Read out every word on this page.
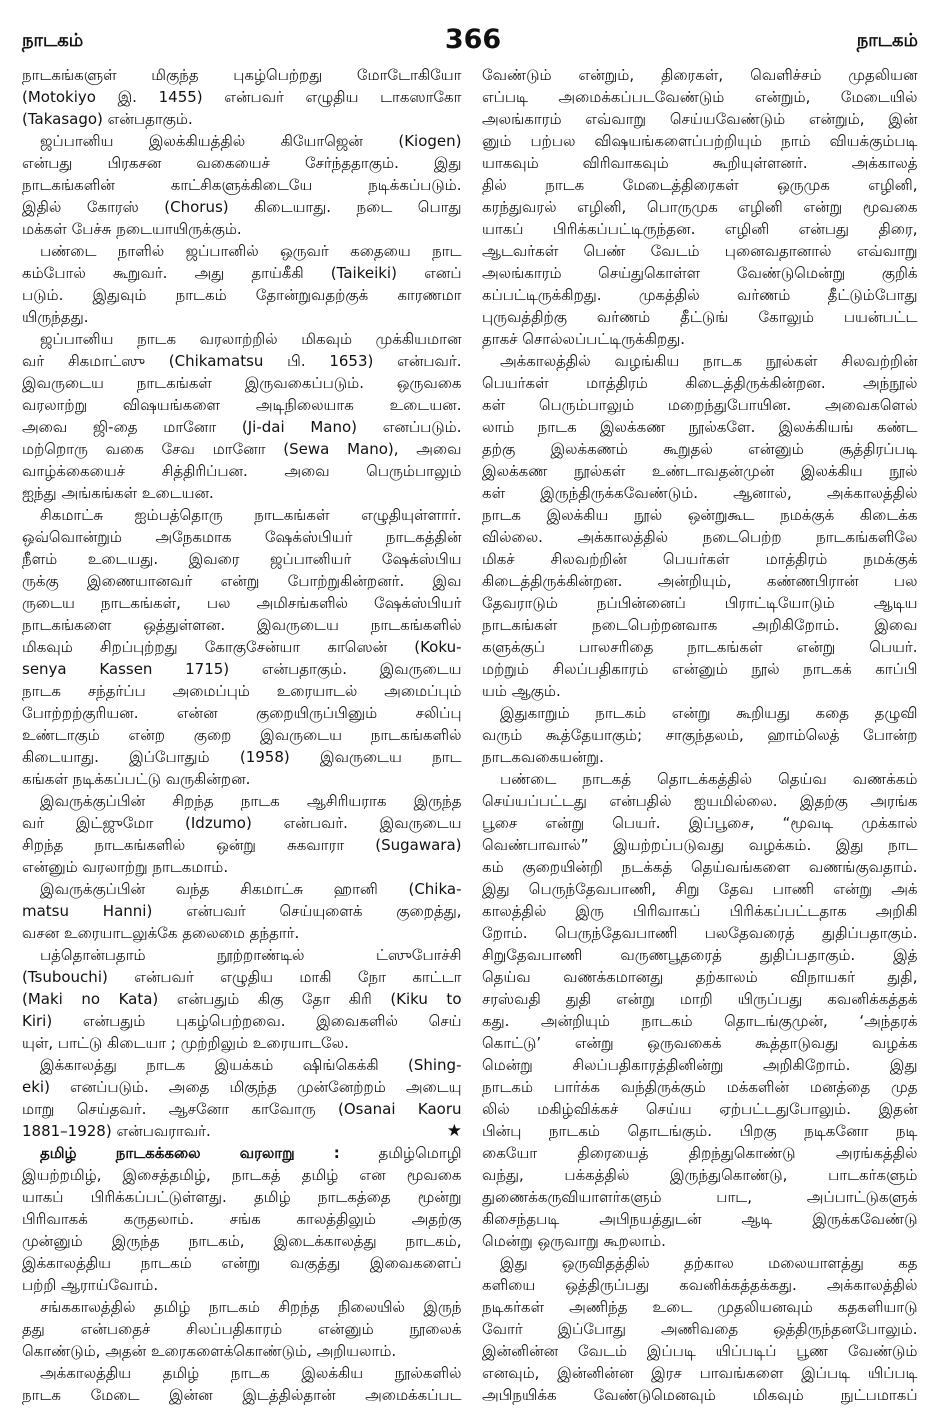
நாடகம்	366	நாடகம்
நாடகங்களுள் மிகுந்த புகழ்பெற்றது மோடோகியோ
(Motokiyo இ. 1455) என்பவர் எழுதிய டாகஸாகோ
(Takasago) என்பதாகும்.
ஜப்பானிய இலக்கியத்தில் கியோஜென் (Kiogen)
என்பது பிரகசன வகையைச் சேர்ந்ததாகும். இது
நாடகங்களின் காட்சிகளுக்கிடையே நடிக்கப்படும்.
இதில் கோரஸ் (Chorus) கிடையாது. நடை பொது
மக்கள் பேச்சு நடையாயிருக்கும்.
பண்டை நாளில் ஜப்பானில் ஒருவர் கதையை நாட
கம்போல் கூறுவர். அது தாய்கீகி (Taikeiki) எனப்
படும். இதுவும் நாடகம் தோன்றுவதற்குக் காரணமா
யிருந்தது.
ஜப்பானிய நாடக வரலாற்றில் மிகவும் முக்கியமான
வர் சிகமாட்ஸு (Chikamatsu பி. 1653) என்பவர்.
இவருடைய நாடகங்கள் இருவகைப்படும். ஒருவகை
வரலாற்று விஷயங்களை அடிநிலையாக உடையன.
அவை ஜி-தை மானோ (Ji-dai Mano) எனப்படும்.
மற்றொரு வகை சேவ மானோ (Sewa Mano), அவை
வாழ்க்கையைச் சித்திரிப்பன. அவை பெரும்பாலும்
ஐந்து அங்கங்கள் உடையன.
சிகமாட்சு ஐம்பத்தொரு நாடகங்கள் எழுதியுள்ளார்.
ஒவ்வொன்றும் அநேகமாக ஷேக்ஸ்பியர் நாடகத்தின்
நீளம் உடையது. இவரை ஜப்பானியர் ஷேக்ஸ்பிய
ருக்கு இணையானவர் என்று போற்றுகின்றனர். இவ
ருடைய நாடகங்கள், பல அமிசங்களில் ஷேக்ஸ்பியர்
நாடகங்களை ஒத்துள்ளன. இவருடைய நாடகங்களில்
மிகவும் சிறப்புற்றது கோகுசேன்யா காஸென் (Koku-
senya Kassen 1715) என்பதாகும். இவருடைய
நாடக சந்தர்ப்ப அமைப்பும் உரையாடல் அமைப்பும்
போற்றற்குரியன. என்ன குறையிருப்பினும் சலிப்பு
உண்டாகும் என்ற குறை இவருடைய நாடகங்களில்
கிடையாது. இப்போதும் (1958) இவருடைய நாட
கங்கள் நடிக்கப்பட்டு வருகின்றன.
இவருக்குப்பின் சிறந்த நாடக ஆசிரியராக இருந்த
வர் இட்ஜுமோ (Idzumo) என்பவர். இவருடைய
சிறந்த நாடகங்களில் ஒன்று சுகவாரா (Sugawara)
என்னும் வரலாற்று நாடகமாம்.
இவருக்குப்பின் வந்த சிகமாட்சு ஹானி (Chika-
matsu Hanni) என்பவர் செய்யுளைக் குறைத்து,
வசன உரையாடலுக்கே தலைமை தந்தார்.
பத்தொன்பதாம் நூற்றாண்டில் ட்ஸுபோச்சி
(Tsubouchi) என்பவர் எழுதிய மாகி நோ காட்டா
(Maki no Kata) என்பதும் கிகு தோ கிரி (Kiku to
Kiri) என்பதும் புகழ்பெற்றவை. இவைகளில் செய்
யுள், பாட்டு கிடையா ; முற்றிலும் உரையாடலே.
இக்காலத்து நாடக இயக்கம் ஷிங்கெக்கி (Shing-
eki) எனப்படும். அதை மிகுந்த முன்னேற்றம் அடையு
மாறு செய்தவர். ஆசனோ காவோரு (Osanai Kaoru
1881–1928) என்பவராவர்.	★
தமிழ் நாடகக்கலை வரலாறு :	தமிழ்மொழி
இயற்றமிழ், இசைத்தமிழ், நாடகத் தமிழ் என மூவகை
யாகப் பிரிக்கப்பட்டுள்ளது. தமிழ் நாடகத்தை மூன்று
பிரிவாகக் கருதலாம். சங்க காலத்திலும் அதற்கு
முன்னும் இருந்த நாடகம், இடைக்காலத்து நாடகம்,
இக்காலத்திய நாடகம் என்று வகுத்து இவைகளைப்
பற்றி ஆராய்வோம்.
சங்ககாலத்தில் தமிழ் நாடகம் சிறந்த நிலையில் இருந்
தது என்பதைச் சிலப்பதிகாரம் என்னும் நூலைக்
கொண்டும், அதன் உரைகளைக்கொண்டும், அறியலாம்.
அக்காலத்திய தமிழ் நாடக இலக்கிய நூல்களில்
நாடக மேடை இன்ன இடத்தில்தான் அமைக்கப்பட
வேண்டும் என்றும், திரைகள், வெளிச்சம் முதலியன
எப்படி அமைக்கப்படவேண்டும் என்றும், மேடையில்
அலங்காரம் எவ்வாறு செய்யவேண்டும் என்றும், இன்
னும் பற்பல விஷயங்களைப்பற்றியும் நாம் வியக்கும்படி
யாகவும் விரிவாகவும் கூறியுள்ளனர். அக்காலத்
தில் நாடக மேடைத்திரைகள் ஒருமுக எழினி,
கரந்துவரல் எழினி, பொருமுக எழினி என்று மூவகை
யாகப் பிரிக்கப்பட்டிருந்தன. எழினி என்பது திரை,
ஆடவர்கள் பெண் வேடம் புனைவதானால் எவ்வாறு
அலங்காரம் செய்துகொள்ள வேண்டுமென்று குறிக்
கப்பட்டிருக்கிறது. முகத்தில் வர்ணம் தீட்டும்போது
புருவத்திற்கு வர்ணம் தீட்டுங் கோலும் பயன்பட்ட
தாகச் சொல்லப்பட்டிருக்கிறது.
அக்காலத்தில் வழங்கிய நாடக நூல்கள் சிலவற்றின்
பெயர்கள் மாத்திரம் கிடைத்திருக்கின்றன. அந்நூல்
கள் பெரும்பாலும் மறைந்துபோயின. அவைகளெல்
லாம் நாடக இலக்கண நூல்களே. இலக்கியங் கண்ட
தற்கு இலக்கணம் கூறுதல் என்னும் சூத்திரப்படி
இலக்கண நூல்கள் உண்டாவதன்முன் இலக்கிய நூல்
கள் இருந்திருக்கவேண்டும். ஆனால், அக்காலத்தில்
நாடக இலக்கிய நூல் ஒன்றுகூட நமக்குக் கிடைக்க
வில்லை. அக்காலத்தில் நடைபெற்ற நாடகங்களிலே
மிகச் சிலவற்றின் பெயர்கள் மாத்திரம் நமக்குக்
கிடைத்திருக்கின்றன. அன்றியும், கண்ணபிரான் பல
தேவராடும் நப்பின்னைப் பிராட்டியோடும் ஆடிய
நாடகங்கள் நடைபெற்றனவாக அறிகிறோம். இவை
களுக்குப் பாலசரிதை நாடகங்கள் என்று பெயர்.
மற்றும் சிலப்பதிகாரம் என்னும் நூல் நாடகக் காப்பி
யம் ஆகும்.
இதுகாறும் நாடகம் என்று கூறியது கதை தழுவி
வரும் கூத்தேயாகும்; சாகுந்தலம், ஹாம்லெத் போன்ற
நாடகவகையன்று.
பண்டை நாடகத் தொடக்கத்தில் தெய்வ வணக்கம்
செய்யப்பட்டது என்பதில் ஐயமில்லை. இதற்கு அரங்க
பூசை என்று பெயர். இப்பூசை, “மூவடி முக்கால்
வெண்பாவால்” இயற்றப்படுவது வழக்கம். இது நாட
கம் குறையின்றி நடக்கத் தெய்வங்களை வணங்குவதாம்.
இது பெருந்தேவபாணி, சிறு தேவ பாணி என்று அக்
காலத்தில் இரு பிரிவாகப் பிரிக்கப்பட்டதாக அறிகி
றோம். பெருந்தேவபாணி பலதேவரைத் துதிப்பதாகும்.
சிறுதேவபாணி வருணபூதரைத் துதிப்பதாகும். இத்
தெய்வ வணக்கமானது தற்காலம் விநாயகர் துதி,
சரஸ்வதி துதி என்று மாறி யிருப்பது கவனிக்கத்தக்
கது. அன்றியும் நாடகம் தொடங்குமுன், ‘அந்தரக்
கொட்டு’ என்று ஒருவகைக் கூத்தாடுவது வழக்க
மென்று சிலப்பதிகாரத்தினின்று அறிகிறோம். இது
நாடகம் பார்க்க வந்திருக்கும் மக்களின் மனத்தை முத
லில் மகிழ்விக்கச் செய்ய ஏற்பட்டதுபோலும். இதன்
பின்பு நாடகம் தொடங்கும். பிறகு நடிகனோ நடி
கையோ திரையைத் திறந்துகொண்டு அரங்கத்தில்
வந்து, பக்கத்தில் இருந்துகொண்டு, பாடகர்களும்
துணைக்கருவியாளர்களும் பாட, அப்பாட்டுகளுக்
கிசைந்தபடி அபிநயத்துடன் ஆடி இருக்கவேண்டு
மென்று ஒருவாறு கூறலாம்.
இது ஒருவிதத்தில் தற்கால மலையாளத்து கத
களியை ஒத்திருப்பது கவனிக்கத்தக்கது. அக்காலத்தில்
நடிகர்கள் அணிந்த உடை முதலியனவும் கதகளியாடு
வோர் இப்போது அணிவதை ஒத்திருந்தனபோலும்.
இன்னின்ன வேடம் இப்படி யிப்படிப் பூண வேண்டும்
எனவும், இன்னின்ன இரச பாவங்களை இப்படி யிப்படி
அபிநயிக்க வேண்டுமெனவும் மிகவும் நுட்பமாகப்
